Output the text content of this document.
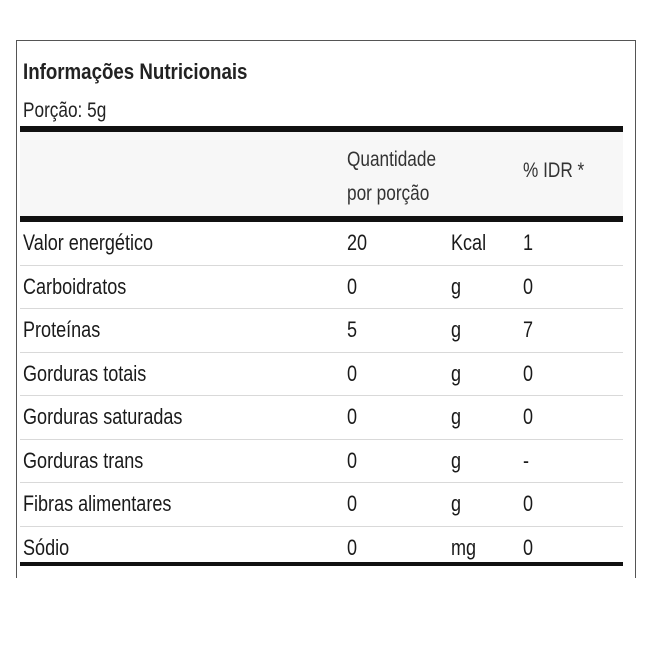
Informações Nutricionais
Porção: 5g
Quantidade
por porção
% IDR *
Valor energético	20	Kcal 1
Carboidratos	0	g	0
Proteínas	5	g	7
Gorduras totais	0	g	0
Gorduras saturadas	0	g	0
Gorduras trans	0	g	-
Fibras alimentares	0	g	0
Sódio	0	mg 0
